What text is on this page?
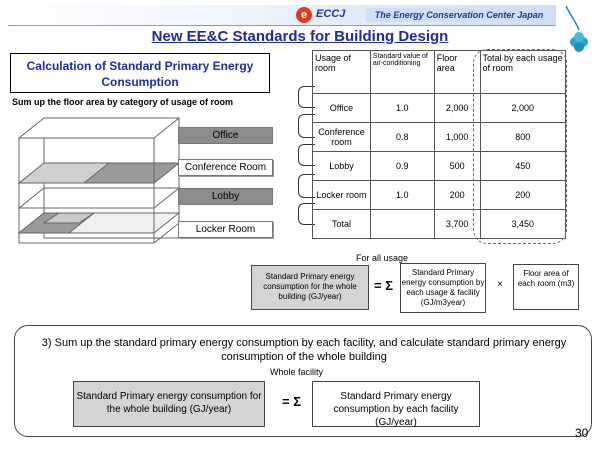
e ECCJ	The Energy Conservation Center Japan
New EE&C Standards for Building Design
Calculation of Standard Primary Energy Consumption
Sum up the floor area by category of usage of room
Office
Conference Room
Lobby
Locker Room
Usage of room	Standard value of air-conditioning	Floor area	Total by each usage of room
Office	1.0	2,000	2,000
Conference room	0.8	1,000	800
Lobby	0.9	500	450
Locker room	1.0	200	200
Total		3,700	3,450
For all usage
Standard Primary energy consumption for the whole building (GJ/year)
= Σ
Standard Primary energy consumption by each usage & facility (GJ/m3year)
×
Floor area of each room (m3)
3) Sum up the standard primary energy consumption by each facility, and calculate standard primary energy consumption of the whole building
Whole facility
Standard Primary energy consumption for the whole building (GJ/year)
= Σ	Standard Primary energy consumption by each facility (GJ/year)
30
